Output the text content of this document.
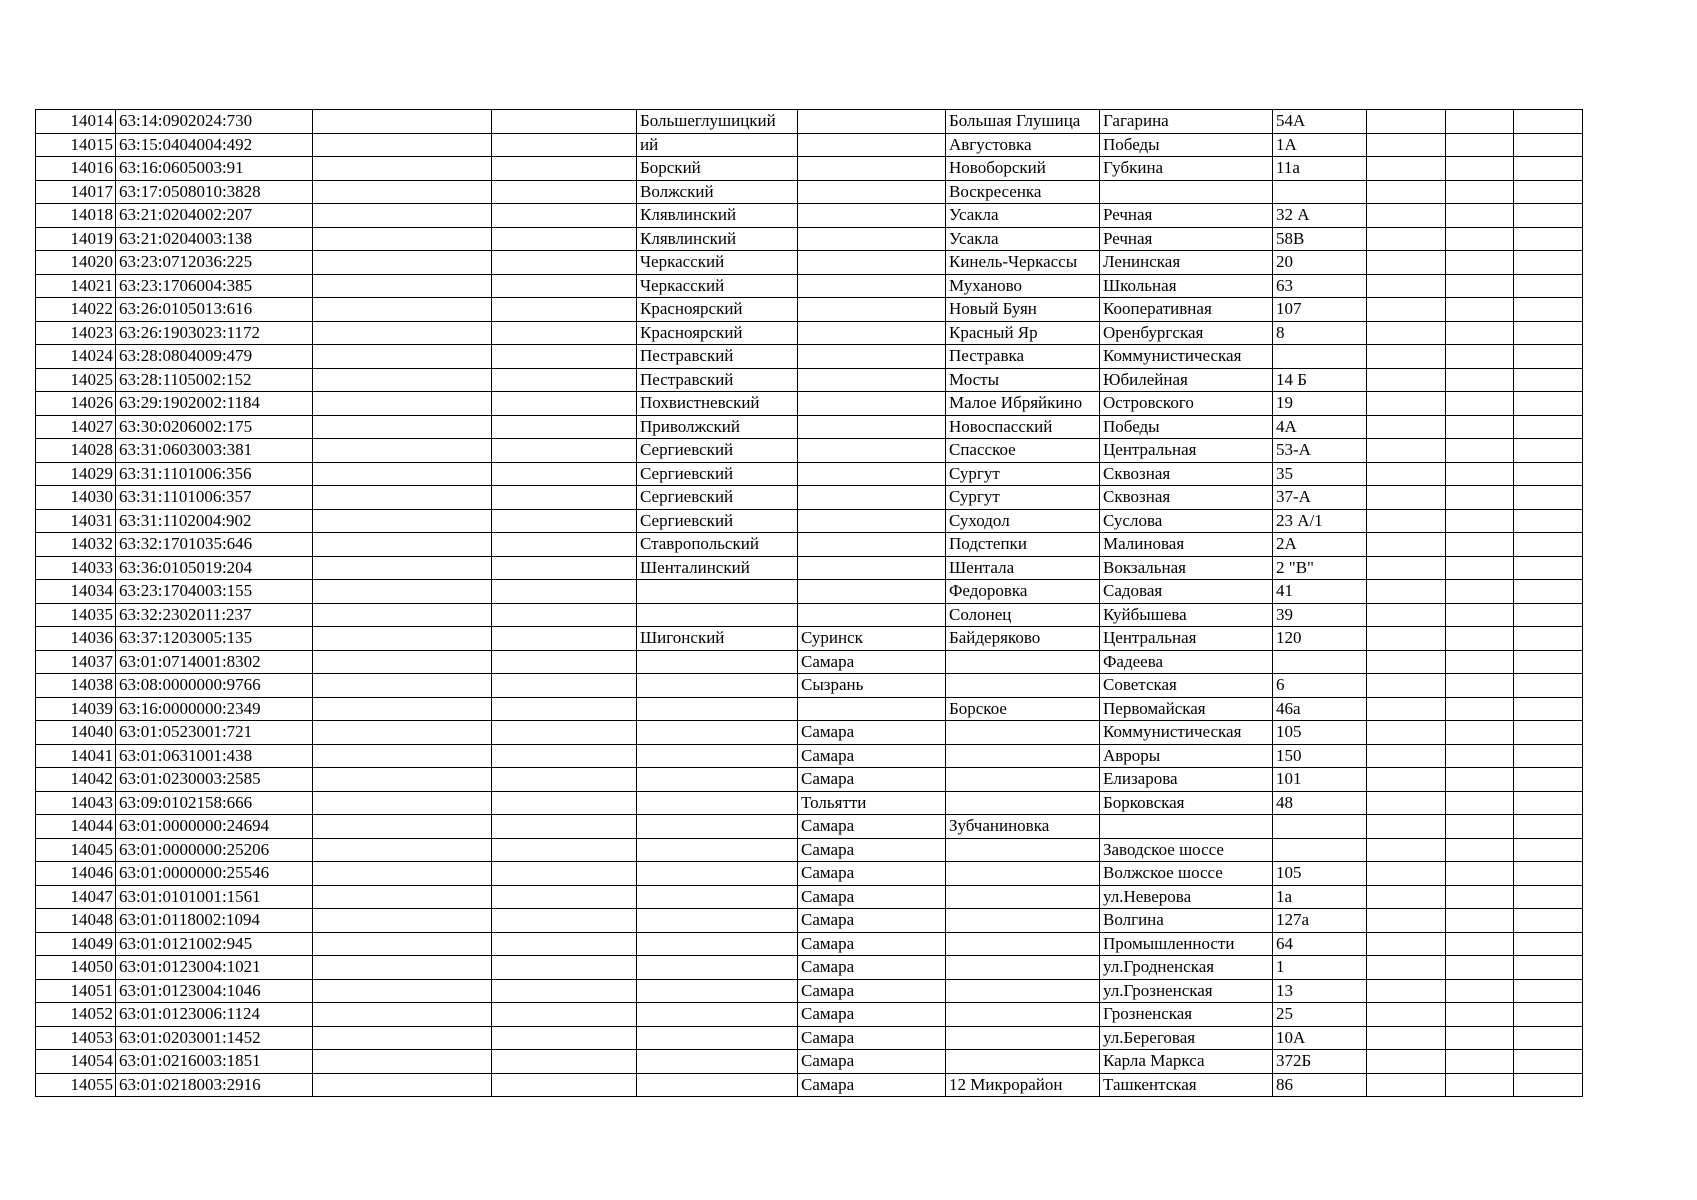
14014	63:14:0902024:730			Большеглушицкий		Большая Глушица	Гагарина	54А			
14015	63:15:0404004:492			ий		Августовка	Победы	1А			
14016	63:16:0605003:91			Борский		Новоборский	Губкина	11а			
14017	63:17:0508010:3828			Волжский		Воскресенка					
14018	63:21:0204002:207			Клявлинский		Усакла	Речная	32 А			
14019	63:21:0204003:138			Клявлинский		Усакла	Речная	58В			
14020	63:23:0712036:225			Черкасский		Кинель-Черкассы	Ленинская	20			
14021	63:23:1706004:385			Черкасский		Муханово	Школьная	63			
14022	63:26:0105013:616			Красноярский		Новый Буян	Кооперативная	107			
14023	63:26:1903023:1172			Красноярский		Красный Яр	Оренбургская	8			
14024	63:28:0804009:479			Пестравский		Пестравка	Коммунистическая				
14025	63:28:1105002:152			Пестравский		Мосты	Юбилейная	14 Б			
14026	63:29:1902002:1184			Похвистневский		Малое Ибряйкино	Островского	19			
14027	63:30:0206002:175			Приволжский		Новоспасский	Победы	4А			
14028	63:31:0603003:381			Сергиевский		Спасское	Центральная	53-А			
14029	63:31:1101006:356			Сергиевский		Сургут	Сквозная	35			
14030	63:31:1101006:357			Сергиевский		Сургут	Сквозная	37-А			
14031	63:31:1102004:902			Сергиевский		Суходол	Суслова	23 А/1			
14032	63:32:1701035:646			Ставропольский		Подстепки	Малиновая	2А			
14033	63:36:0105019:204			Шенталинский		Шентала	Вокзальная	2 "В"			
14034	63:23:1704003:155					Федоровка	Садовая	41			
14035	63:32:2302011:237					Солонец	Куйбышева	39			
14036	63:37:1203005:135			Шигонский	Суринск	Байдеряково	Центральная	120			
14037	63:01:0714001:8302				Самара		Фадеева				
14038	63:08:0000000:9766				Сызрань		Советская	6			
14039	63:16:0000000:2349					Борское	Первомайская	46а			
14040	63:01:0523001:721				Самара		Коммунистическая	105			
14041	63:01:0631001:438				Самара		Авроры	150			
14042	63:01:0230003:2585				Самара		Елизарова	101			
14043	63:09:0102158:666				Тольятти		Борковская	48			
14044	63:01:0000000:24694				Самара	Зубчаниновка					
14045	63:01:0000000:25206				Самара		Заводское шоссе				
14046	63:01:0000000:25546				Самара		Волжское шоссе	105			
14047	63:01:0101001:1561				Самара		ул.Неверова	1а			
14048	63:01:0118002:1094				Самара		Волгина	127а			
14049	63:01:0121002:945				Самара		Промышленности	64			
14050	63:01:0123004:1021				Самара		ул.Гродненская	1			
14051	63:01:0123004:1046				Самара		ул.Грозненская	13			
14052	63:01:0123006:1124				Самара		Грозненская	25			
14053	63:01:0203001:1452				Самара		ул.Береговая	10А			
14054	63:01:0216003:1851				Самара		Карла Маркса	372Б			
14055	63:01:0218003:2916				Самара	12 Микрорайон	Ташкентская	86			
